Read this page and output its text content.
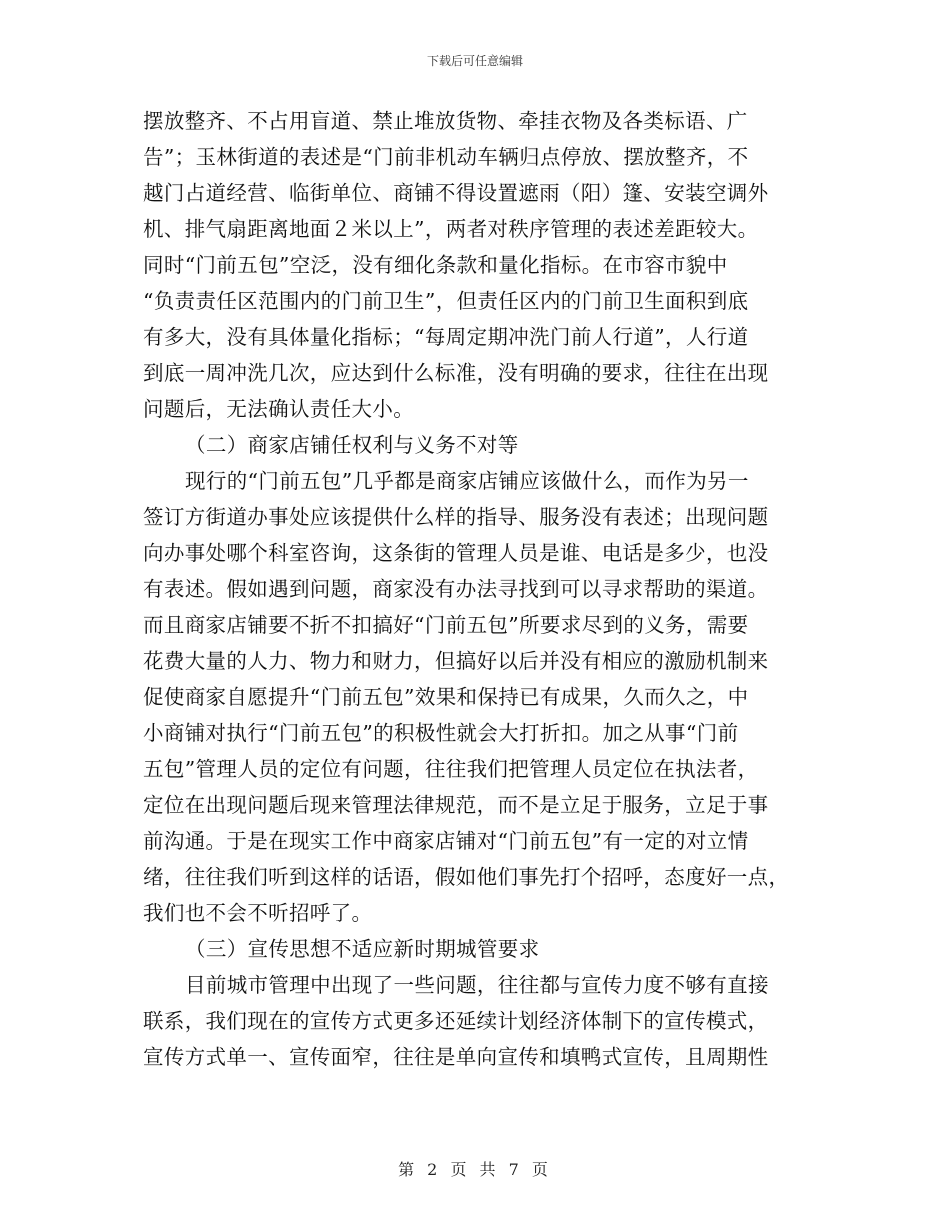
下载后可任意编辑
摆放整齐、不占用盲道、禁止堆放货物、牵挂衣物及各类标语、广
告”；玉林街道的表述是“门前非机动车辆归点停放、摆放整齐，不
越门占道经营、临街单位、商铺不得设置遮雨（阳）篷、安装空调外
机、排气扇距离地面２米以上”，两者对秩序管理的表述差距较大。
同时“门前五包”空泛，没有细化条款和量化指标。在市容市貌中
“负责责任区范围内的门前卫生”，但责任区内的门前卫生面积到底
有多大，没有具体量化指标；“每周定期冲洗门前人行道”，人行道
到底一周冲洗几次，应达到什么标准，没有明确的要求，往往在出现
问题后，无法确认责任大小。
（二）商家店铺任权利与义务不对等
现行的“门前五包”几乎都是商家店铺应该做什么，而作为另一
签订方街道办事处应该提供什么样的指导、服务没有表述；出现问题
向办事处哪个科室咨询，这条街的管理人员是谁、电话是多少，也没
有表述。假如遇到问题，商家没有办法寻找到可以寻求帮助的渠道。
而且商家店铺要不折不扣搞好“门前五包”所要求尽到的义务，需要
花费大量的人力、物力和财力，但搞好以后并没有相应的激励机制来
促使商家自愿提升“门前五包”效果和保持已有成果，久而久之，中
小商铺对执行“门前五包”的积极性就会大打折扣。加之从事“门前
五包”管理人员的定位有问题，往往我们把管理人员定位在执法者，
定位在出现问题后现来管理法律规范，而不是立足于服务，立足于事
前沟通。于是在现实工作中商家店铺对“门前五包”有一定的对立情
绪，往往我们听到这样的话语，假如他们事先打个招呼，态度好一点，
我们也不会不听招呼了。
（三）宣传思想不适应新时期城管要求
目前城市管理中出现了一些问题，往往都与宣传力度不够有直接
联系，我们现在的宣传方式更多还延续计划经济体制下的宣传模式，
宣传方式单一、宣传面窄，往往是单向宣传和填鸭式宣传，且周期性
第 2 页 共 7 页
